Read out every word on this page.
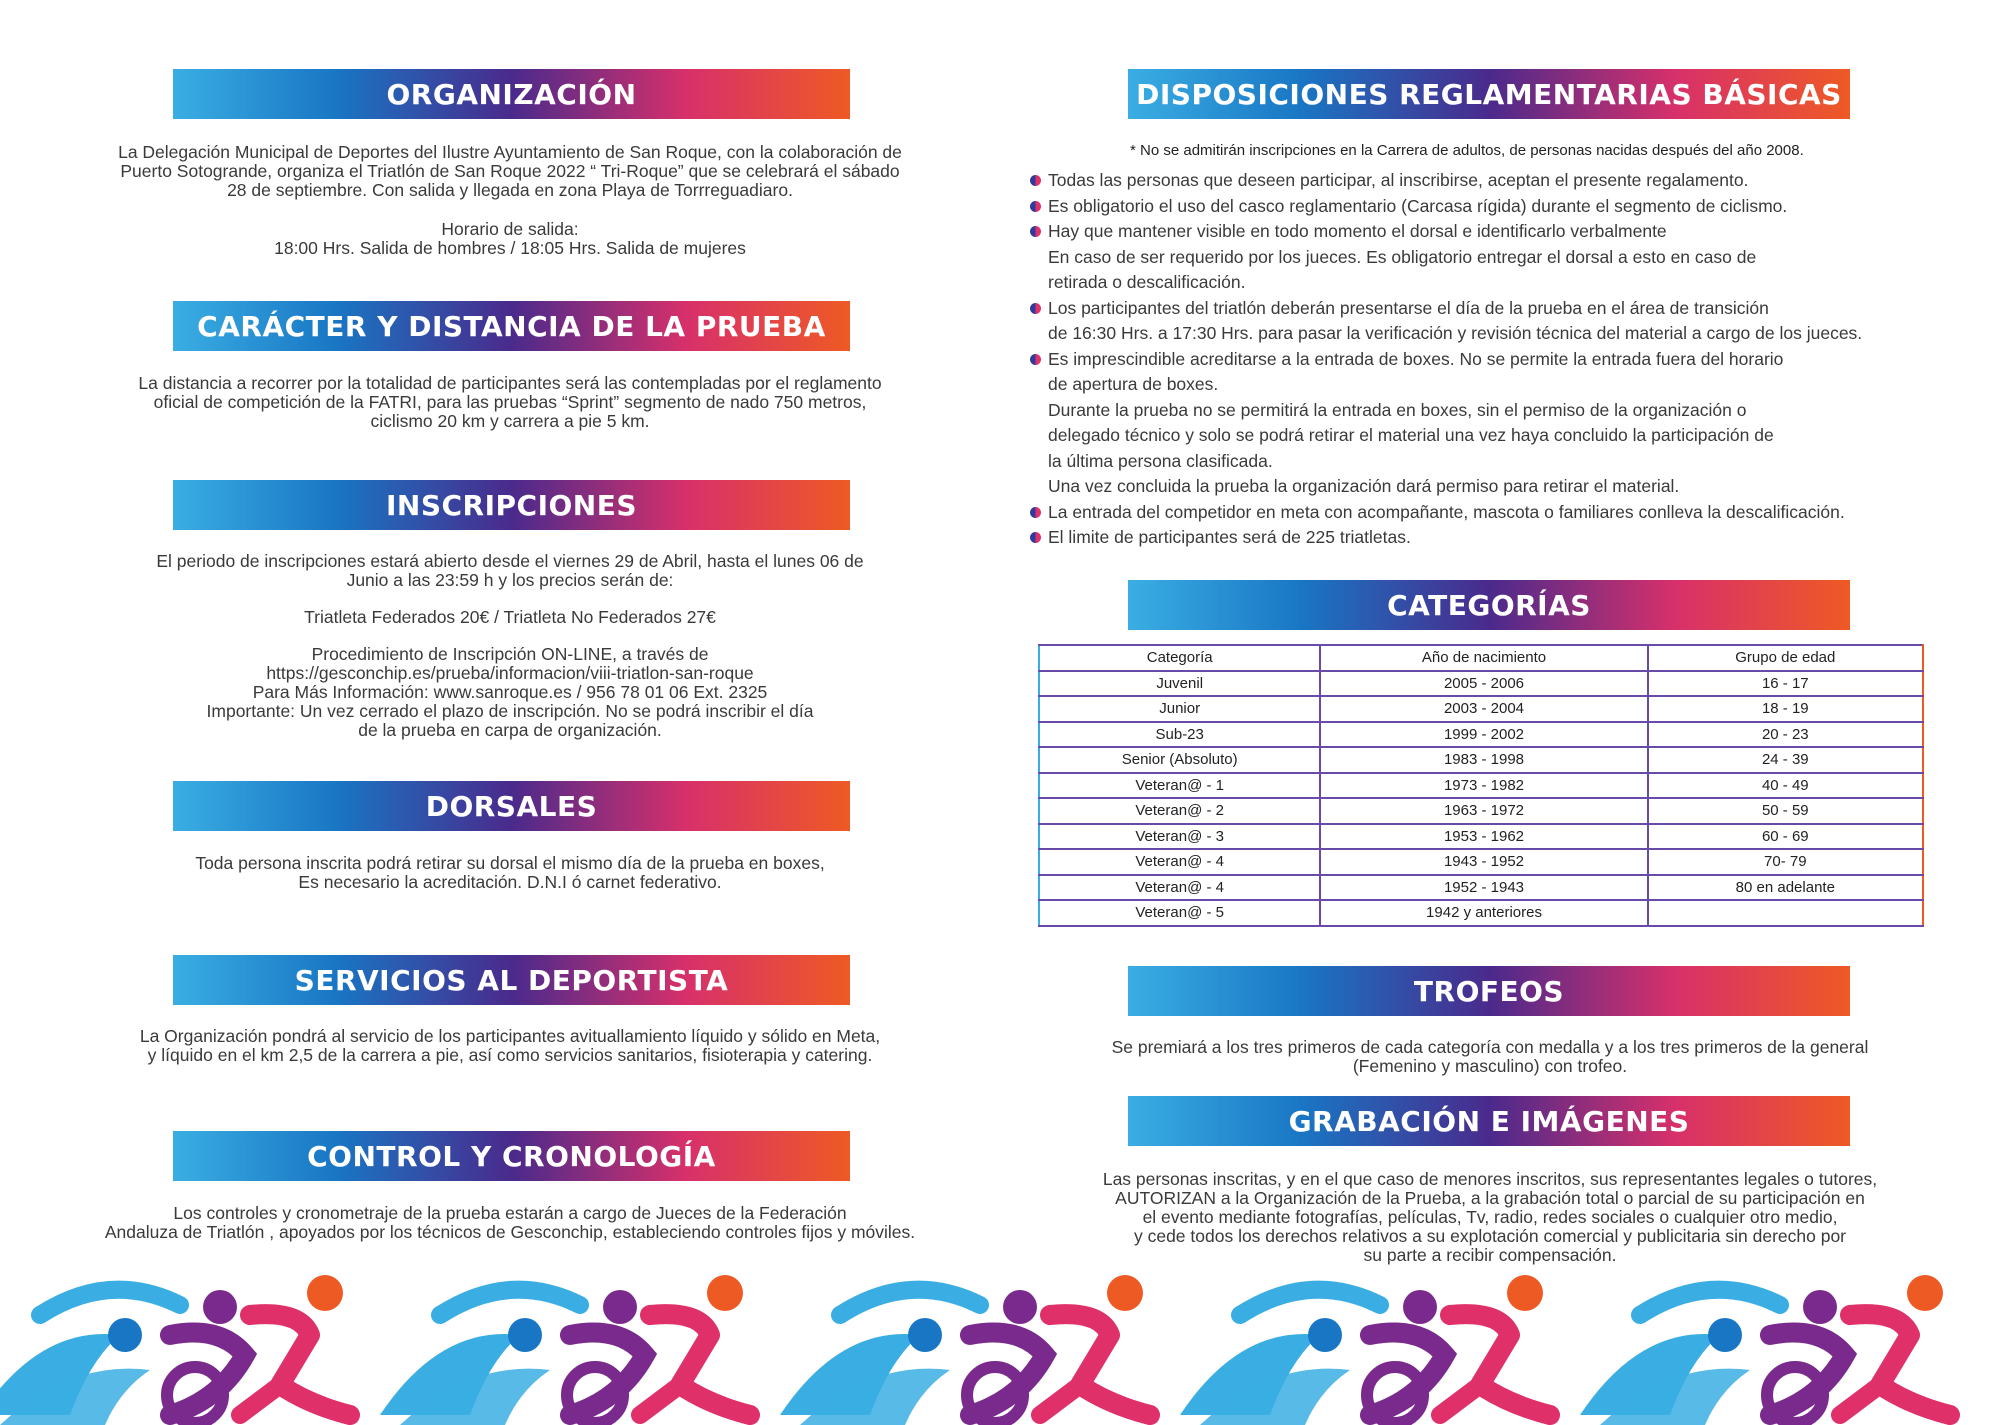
ORGANIZACIÓN

La Delegación Municipal de Deportes del Ilustre Ayuntamiento de San Roque, con la colaboración de

Puerto Sotogrande, organiza el Triatlón de San Roque 2022 “ Tri-Roque” que se celebrará el sábado

28 de septiembre. Con salida y llegada en zona Playa de Torrreguadiaro.

Horario de salida:

18:00 Hrs. Salida de hombres / 18:05 Hrs. Salida de mujeres

CARÁCTER Y DISTANCIA DE LA PRUEBA

La distancia a recorrer por la totalidad de participantes será las contempladas por el reglamento

oficial de competición de la FATRI, para las pruebas “Sprint” segmento de nado 750 metros,

ciclismo 20 km y carrera a pie 5 km.

INSCRIPCIONES

El periodo de inscripciones estará abierto desde el viernes 29 de Abril, hasta el lunes 06 de

Junio a las 23:59 h y los precios serán de:

Triatleta Federados 20€ / Triatleta No Federados 27€

Procedimiento de Inscripción ON-LINE, a través de

https://gesconchip.es/prueba/informacion/viii-triatlon-san-roque

Para Más Información: www.sanroque.es / 956 78 01 06 Ext. 2325

Importante: Un vez cerrado el plazo de inscripción. No se podrá inscribir el día

de la prueba en carpa de organización.

DORSALES

Toda persona inscrita podrá retirar su dorsal el mismo día de la prueba en boxes,

Es necesario la acreditación. D.N.I ó carnet federativo.

SERVICIOS AL DEPORTISTA

La Organización pondrá al servicio de los participantes avituallamiento líquido y sólido en Meta,

y líquido en el km 2,5 de la carrera a pie, así como servicios sanitarios, fisioterapia y catering.

CONTROL Y CRONOLOGÍA

Los controles y cronometraje de la prueba estarán a cargo de Jueces de la Federación

Andaluza de Triatlón , apoyados por los técnicos de Gesconchip, estableciendo controles fijos y móviles.

DISPOSICIONES REGLAMENTARIAS BÁSICAS
* No se admitirán inscripciones en la Carrera de adultos, de personas nacidas después del año 2008.
Todas las personas que deseen participar, al inscribirse, aceptan el presente regalamento.
Es obligatorio el uso del casco reglamentario (Carcasa rígida) durante el segmento de ciclismo.
Hay que mantener visible en todo momento el dorsal e identificarlo verbalmente
En caso de ser requerido por los jueces. Es obligatorio entregar el dorsal a esto en caso de
retirada o descalificación.
Los participantes del triatlón deberán presentarse el día de la prueba en el área de transición
de 16:30 Hrs. a 17:30 Hrs. para pasar la verificación y revisión técnica del material a cargo de los jueces.
Es imprescindible acreditarse a la entrada de boxes. No se permite la entrada fuera del horario
de apertura de boxes.
Durante la prueba no se permitirá la entrada en boxes, sin el permiso de la organización o
delegado técnico y solo se podrá retirar el material una vez haya concluido la participación de
la última persona clasificada.
Una vez concluida la prueba la organización dará permiso para retirar el material.
La entrada del competidor en meta con acompañante, mascota o familiares conlleva la descalificación.
El limite de participantes será de 225 triatletas.
CATEGORÍAS
Categoría	Año de nacimiento	Grupo de edad
Juvenil	2005 - 2006	16 - 17
Junior	2003 - 2004	18 - 19
Sub-23	1999 - 2002	20 - 23
Senior (Absoluto)	1983 - 1998	24 - 39
Veteran@ - 1	1973 - 1982	40 - 49
Veteran@ - 2	1963 - 1972	50 - 59
Veteran@ - 3	1953 - 1962	60 - 69
Veteran@ - 4	1943 - 1952	70- 79
Veteran@ - 4	1952 - 1943	80 en adelante
Veteran@ - 5	1942 y anteriores	
TROFEOS

Se premiará a los tres primeros de cada categoría con medalla y a los tres primeros de la general

(Femenino y masculino) con trofeo.

GRABACIÓN E IMÁGENES

Las personas inscritas, y en el que caso de menores inscritos, sus representantes legales o tutores,

AUTORIZAN a la Organización de la Prueba, a la grabación total o parcial de su participación en

el evento mediante fotografías, películas, Tv, radio, redes sociales o cualquier otro medio,

y cede todos los derechos relativos a su explotación comercial y publicitaria sin derecho por

su parte a recibir compensación.
